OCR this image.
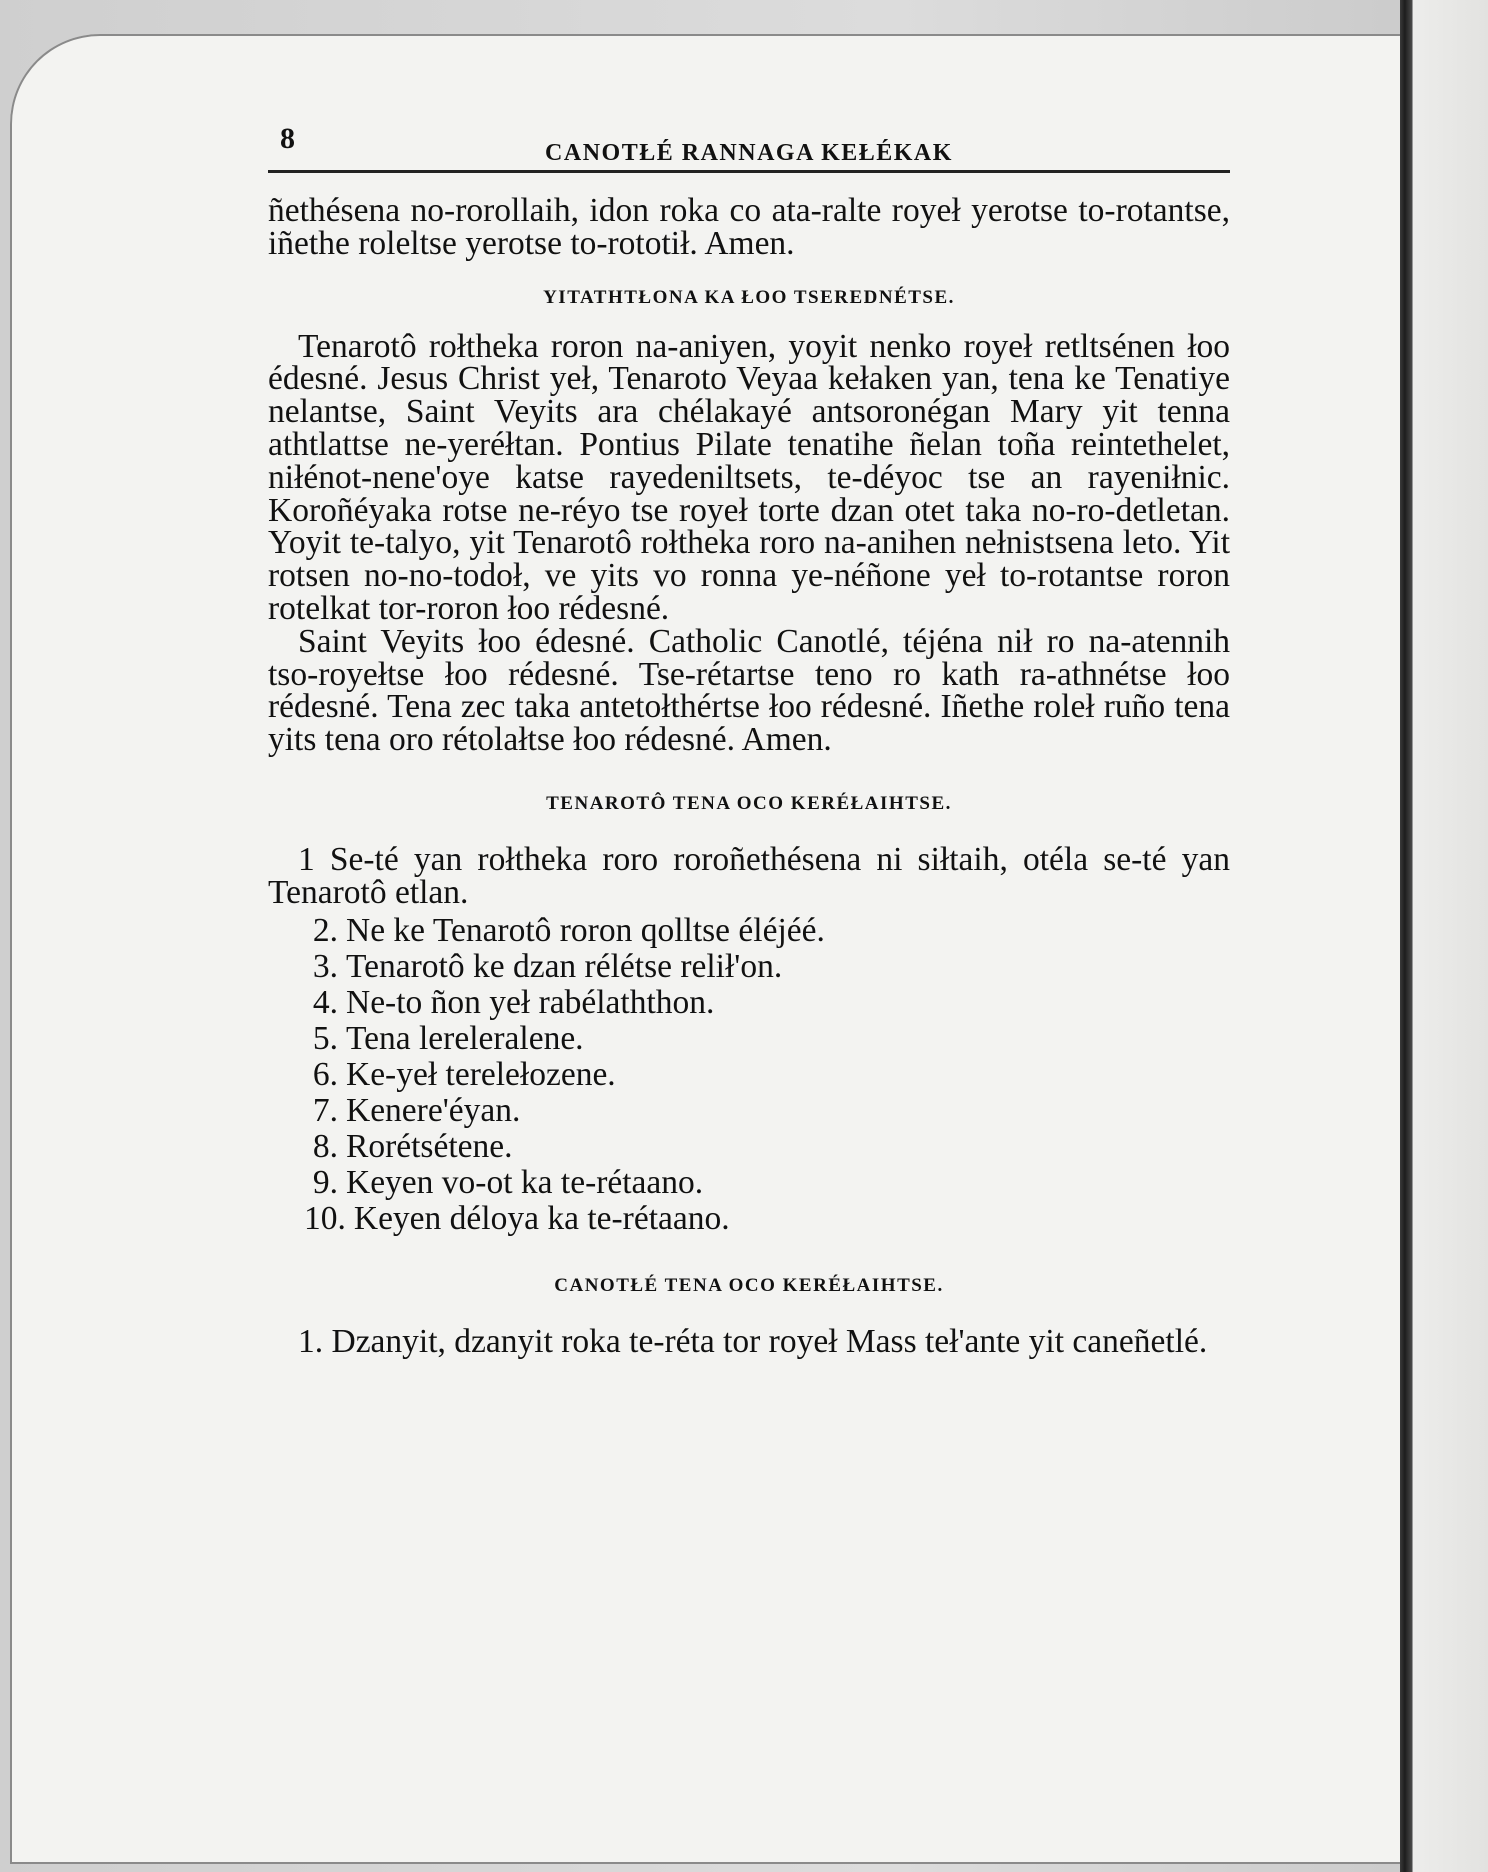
8	CANOTŁÉ RANNAGA KEŁÉKAK

ñethésena no-rorollaih, idon roka co ata-ralte royeł yerotse to-rotantse, iñethe roleltse yerotse to-rototił. Amen.

YITATHTŁONA KA ŁOO TSEREDNÉTSE.

Tenarotô rołtheka roron na-aniyen, yoyit nenko royeł retltsénen łoo édesné. Jesus Christ yeł, Tenaroto Veyaa kełaken yan, tena ke Tenatiye nelantse, Saint Veyits ara chélakayé antsoronégan Mary yit tenna athtlattse ne-yeréłtan. Pontius Pilate tenatihe ñelan toña reintethelet, niłénot-nene'oye katse rayedeniltsets, te-déyoc tse an rayeniłnic. Koroñéyaka rotse ne-réyo tse royeł torte dzan otet taka no-ro-detletan. Yoyit te-talyo, yit Tenarotô rołtheka roro na-anihen nełnistsena leto. Yit rotsen no-no-todoł, ve yits vo ronna ye-néñone yeł to-rotantse roron rotelkat tor-roron łoo rédesné.

Saint Veyits łoo édesné. Catholic Canotlé, téjéna nił ro na-atennih tso-royełtse łoo rédesné. Tse-rétartse teno ro kath ra-athnétse łoo rédesné. Tena zec taka antetołthértse łoo rédesné. Iñethe roleł ruño tena yits tena oro rétolałtse łoo rédesné. Amen.

TENAROTÔ TENA OCO KERÉŁAIHTSE.

1 Se-té yan rołtheka roro roroñethésena ni siłtaih, otéla se-té yan Tenarotô etlan.
2. Ne ke Tenarotô roron qolltse éléjéé.
3. Tenarotô ke dzan rélétse relił'on.
4. Ne-to ñon yeł rabélaththon.
5. Tena lereleralene.
6. Ke-yeł terelełozene.
7. Kenere'éyan.
8. Rorétsétene.
9. Keyen vo-ot ka te-rétaano.
10. Keyen déloya ka te-rétaano.

CANOTŁÉ TENA OCO KERÉŁAIHTSE.

1. Dzanyit, dzanyit roka te-réta tor royeł Mass teł'ante yit caneñetlé.
